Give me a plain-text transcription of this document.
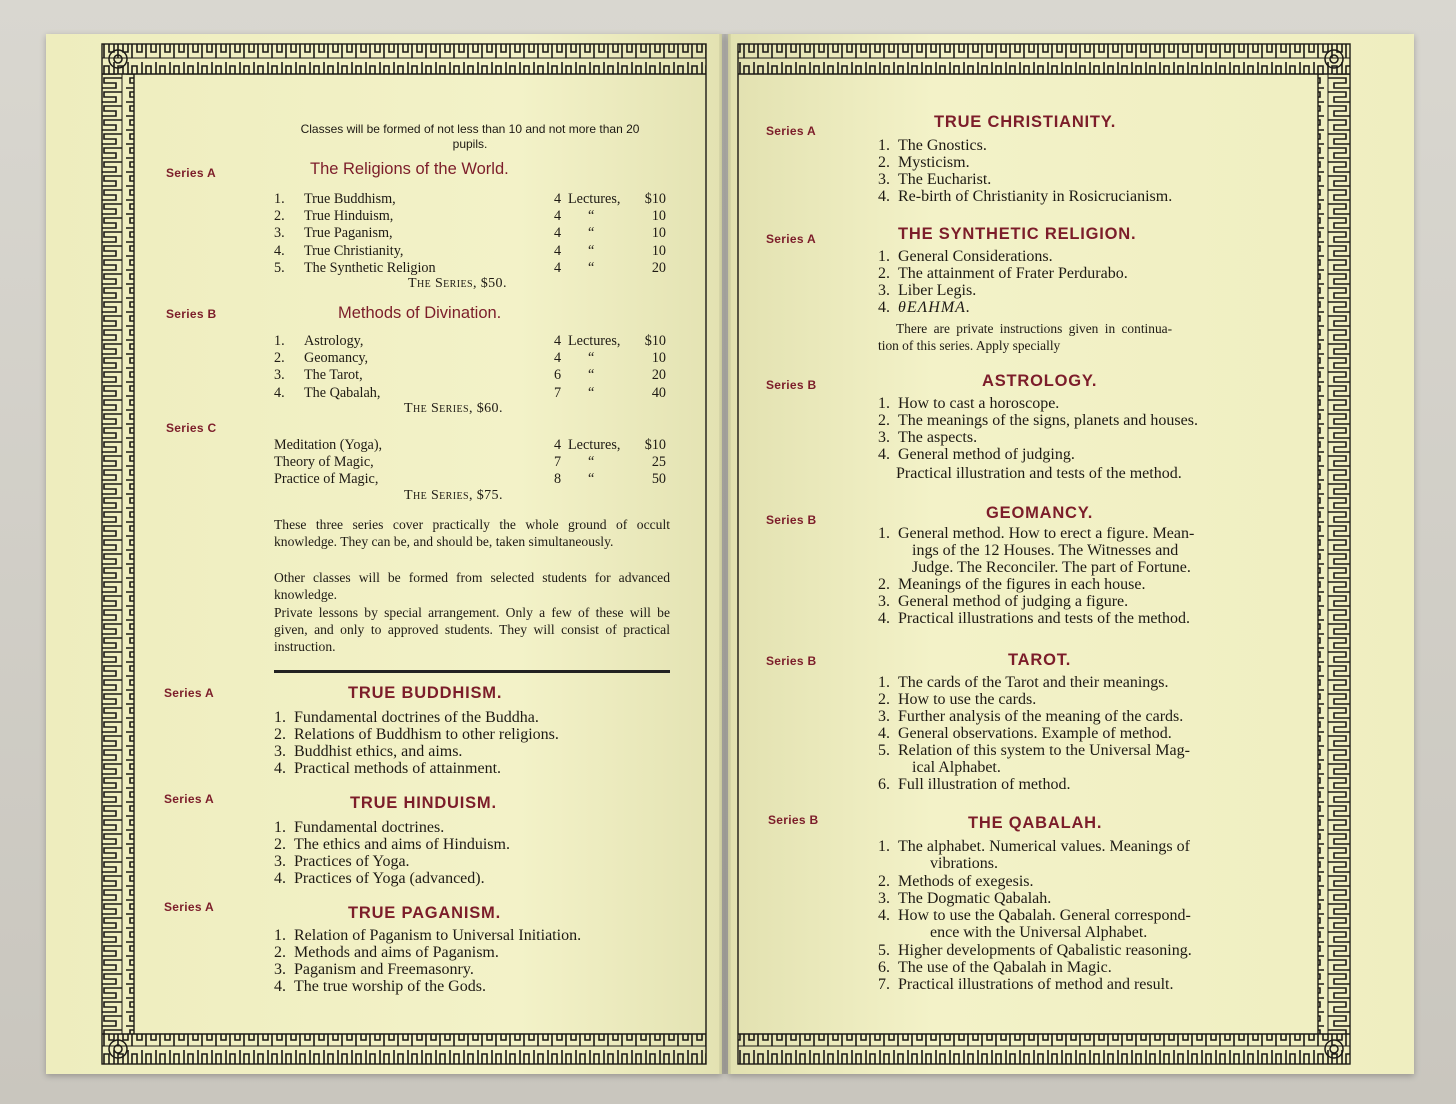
Classes will be formed of not less than 10 and not more than 20 pupils.
Series A	The Religions of the World.
1.	True Buddhism,	4	Lectures,	$10
2.	True Hinduism,	4	“	10
3.	True Paganism,	4	“	10
4.	True Christianity,	4	“	10
5.	The Synthetic Religion	4	“	20
The Series, $50.
Series B	Methods of Divination.
1.	Astrology,	4	Lectures,	$10
2.	Geomancy,	4	“	10
3.	The Tarot,	6	“	20
4.	The Qabalah,	7	“	40
The Series, $60.
Series C
Meditation (Yoga),	4	Lectures,	$10
Theory of Magic,	7	“	25
Practice of Magic,	8	“	50
The Series, $75.
These three series cover practically the whole ground of occult knowledge. They can be, and should be, taken simultaneously.
Other classes will be formed from selected students for advanced knowledge.
Private lessons by special arrangement. Only a few of these will be given, and only to approved students. They will consist of practical instruction.
Series A	TRUE BUDDHISM.
1. Fundamental doctrines of the Buddha.
2. Relations of Buddhism to other religions.
3. Buddhist ethics, and aims.
4. Practical methods of attainment.
Series A	TRUE HINDUISM.
1. Fundamental doctrines.
2. The ethics and aims of Hinduism.
3. Practices of Yoga.
4. Practices of Yoga (advanced).
Series A	TRUE PAGANISM.
1. Relation of Paganism to Universal Initiation.
2. Methods and aims of Paganism.
3. Paganism and Freemasonry.
4. The true worship of the Gods.
Series A	TRUE CHRISTIANITY.
1. The Gnostics.
2. Mysticism.
3. The Eucharist.
4. Re-birth of Christianity in Rosicrucianism.
Series A	THE SYNTHETIC RELIGION.
1. General Considerations.
2. The attainment of Frater Perdurabo.
3. Liber Legis.
4. θΕΛΗΜΑ.
There are private instructions given in continua-
tion of this series. Apply specially
Series B	ASTROLOGY.
1. How to cast a horoscope.
2. The meanings of the signs, planets and houses.
3. The aspects.
4. General method of judging.
Practical illustration and tests of the method.
Series B	GEOMANCY.
1. General method. How to erect a figure. Mean-
ings of the 12 Houses. The Witnesses and
Judge. The Reconciler. The part of Fortune.
2. Meanings of the figures in each house.
3. General method of judging a figure.
4. Practical illustrations and tests of the method.
Series B	TAROT.
1. The cards of the Tarot and their meanings.
2. How to use the cards.
3. Further analysis of the meaning of the cards.
4. General observations. Example of method.
5. Relation of this system to the Universal Mag-
ical Alphabet.
6. Full illustration of method.
Series B	THE QABALAH.
1. The alphabet. Numerical values. Meanings of
vibrations.
2. Methods of exegesis.
3. The Dogmatic Qabalah.
4. How to use the Qabalah. General correspond-
ence with the Universal Alphabet.
5. Higher developments of Qabalistic reasoning.
6. The use of the Qabalah in Magic.
7. Practical illustrations of method and result.
